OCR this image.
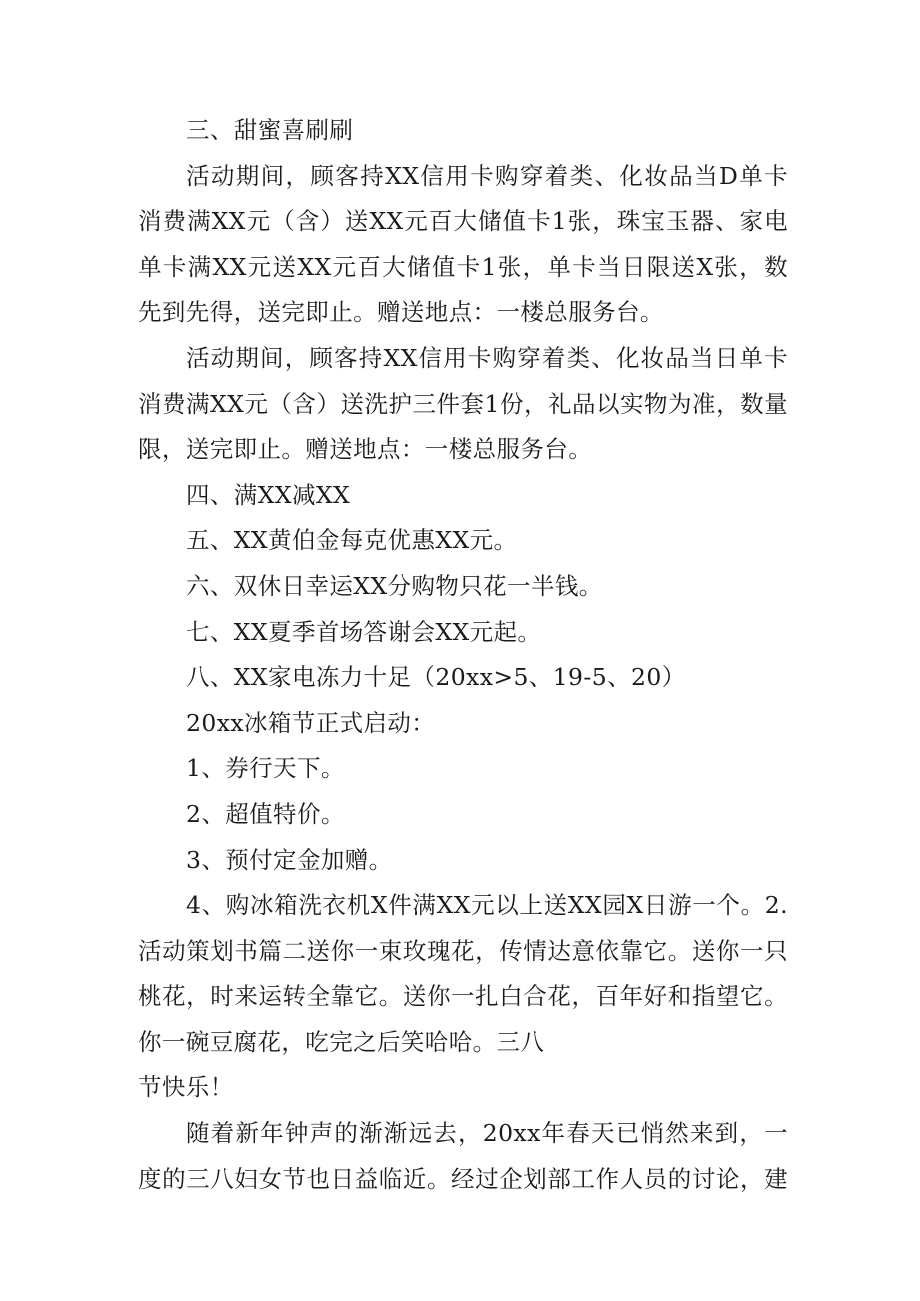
三、甜蜜喜刷刷
活动期间，顾客持XX信用卡购穿着类、化妆品当D单卡
消费满XX元（含）送XX元百大储值卡1张，珠宝玉器、家电
单卡满XX元送XX元百大储值卡1张，单卡当日限送X张，数
先到先得，送完即止。赠送地点：一楼总服务台。
活动期间，顾客持XX信用卡购穿着类、化妆品当日单卡
消费满XX元（含）送洗护三件套1份，礼品以实物为准，数量
限，送完即止。赠送地点：一楼总服务台。
四、满XX减XX
五、XX黄伯金每克优惠XX元。
六、双休日幸运XX分购物只花一半钱。
七、XX夏季首场答谢会XX元起。
八、XX家电冻力十足（20xx>5、19-5、20）
20xx冰箱节正式启动：
1、券行天下。
2、超值特价。
3、预付定金加赠。
4、购冰箱洗衣机X件满XX元以上送XX园X日游一个。2.
活动策划书篇二送你一束玫瑰花，传情达意依靠它。送你一只
桃花，时来运转全靠它。送你一扎白合花，百年好和指望它。
你一碗豆腐花，吃完之后笑哈哈。三八
节快乐！
随着新年钟声的渐渐远去，20xx年春天已悄然来到，一
度的三八妇女节也日益临近。经过企划部工作人员的讨论，建
